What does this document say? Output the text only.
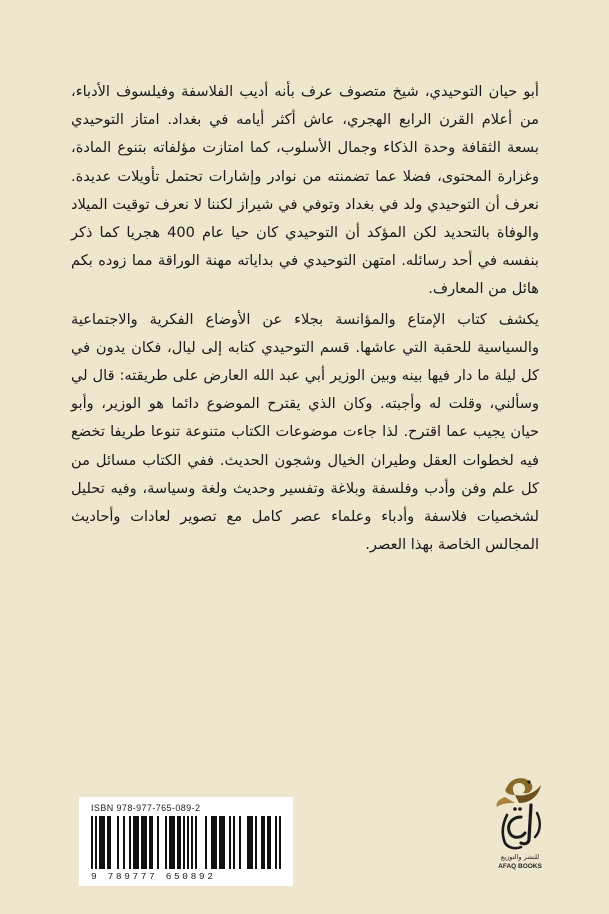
أبو حيان التوحيدي، شيخ متصوف عرف بأنه أديب الفلاسفة وفيلسوف الأدباء، من أعلام القرن الرابع الهجري، عاش أكثر أيامه في بغداد. امتاز التوحيدي بسعة الثقافة وحدة الذكاء وجمال الأسلوب، كما امتازت مؤلفاته بتنوع المادة، وغزارة المحتوى، فضلا عما تضمنته من نوادر وإشارات تحتمل تأويلات عديدة. نعرف أن التوحيدي ولد في بغداد وتوفي في شيراز لكننا لا نعرف توقيت الميلاد والوفاة بالتحديد لكن المؤكد أن التوحيدي كان حيا عام 400 هجريا كما ذكر بنفسه في أحد رسائله. امتهن التوحيدي في بداياته مهنة الوراقة مما زوده بكم هائل من المعارف.

يكشف كتاب الإمتاع والمؤانسة بجلاء عن الأوضاع الفكرية والاجتماعية والسياسية للحقبة التي عاشها. قسم التوحيدي كتابه إلى ليال، فكان يدون في كل ليلة ما دار فيها بينه وبين الوزير أبي عبد الله العارض على طريقته: قال لي وسألني، وقلت له وأجبته. وكان الذي يقترح الموضوع دائما هو الوزير، وأبو حيان يجيب عما اقترح. لذا جاءت موضوعات الكتاب متنوعة تنوعا طريفا تخضع فيه لخطوات العقل وطيران الخيال وشجون الحديث. ففي الكتاب مسائل من كل علم وفن وأدب وفلسفة وبلاغة وتفسير وحديث ولغة وسياسة، وفيه تحليل لشخصيات فلاسفة وأدباء وعلماء عصر كامل مع تصوير لعادات وأحاديث المجالس الخاصة بهذا العصر.

ISBN 978-977-765-089-2
9 789777 650892
للنشر والتوزيع
AFAQ BOOKS
